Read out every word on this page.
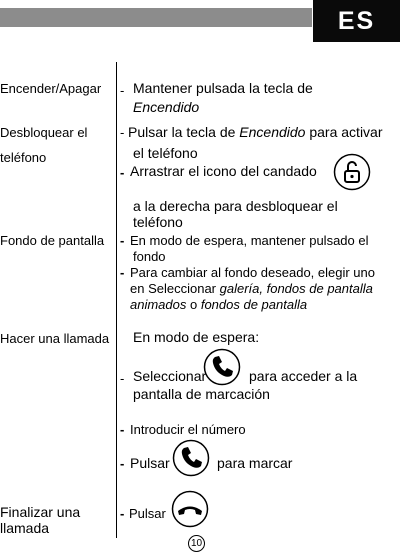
ES
Encender/Apagar - Mantener pulsada la tecla de
Encendido
Desbloquear el
teléfono
- Pulsar la tecla de Encendido para activar
el teléfono
- Arrastrar el icono del candado
a la derecha para desbloquear el
teléfono
Fondo de pantalla - En modo de espera, mantener pulsado el
fondo
- Para cambiar al fondo deseado, elegir uno
en Seleccionar galería, fondos de pantalla
animados o fondos de pantalla
Hacer una llamada En modo de espera:
- Seleccionar	para acceder a la
pantalla de marcación
- Introducir el número
- Pulsar	para marcar
Finalizar una
llamada
- Pulsar
10
